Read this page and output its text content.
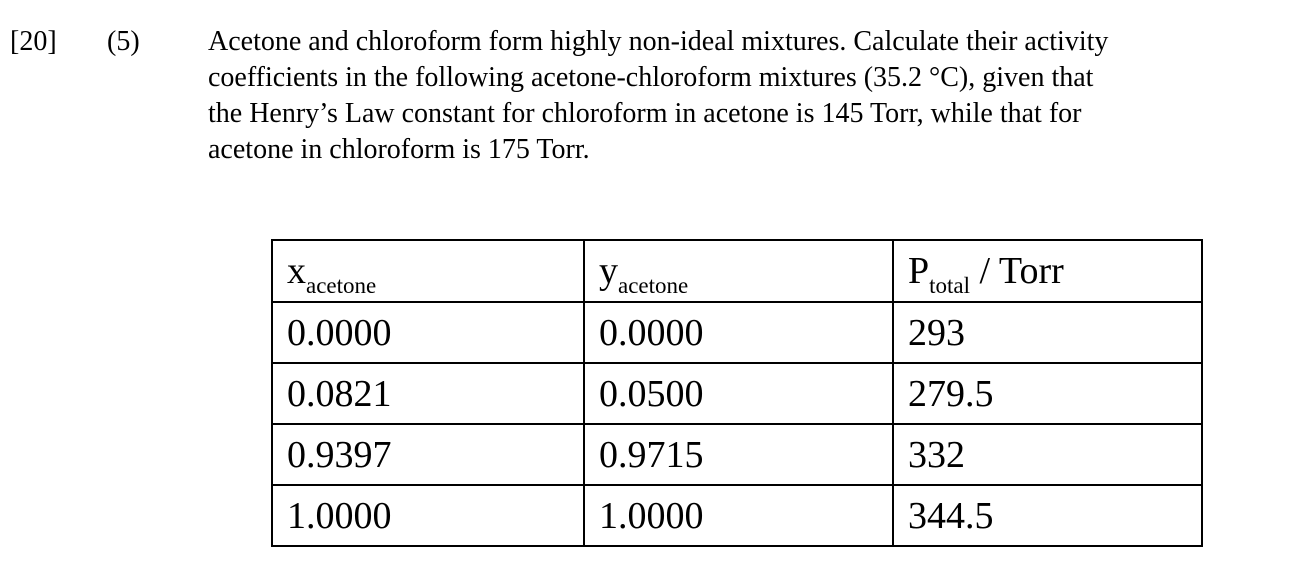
[20] (5) Acetone and chloroform form highly non-ideal mixtures. Calculate their activity
coefficients in the following acetone-chloroform mixtures (35.2 °C), given that
the Henry’s Law constant for chloroform in acetone is 145 Torr, while that for
acetone in chloroform is 175 Torr.
$x_{acetone}$	$y_{acetone}$	$P_{total}$ / Torr
0.0000	0.0000	293
0.0821	0.0500	279.5
0.9397	0.9715	332
1.0000	1.0000	344.5
